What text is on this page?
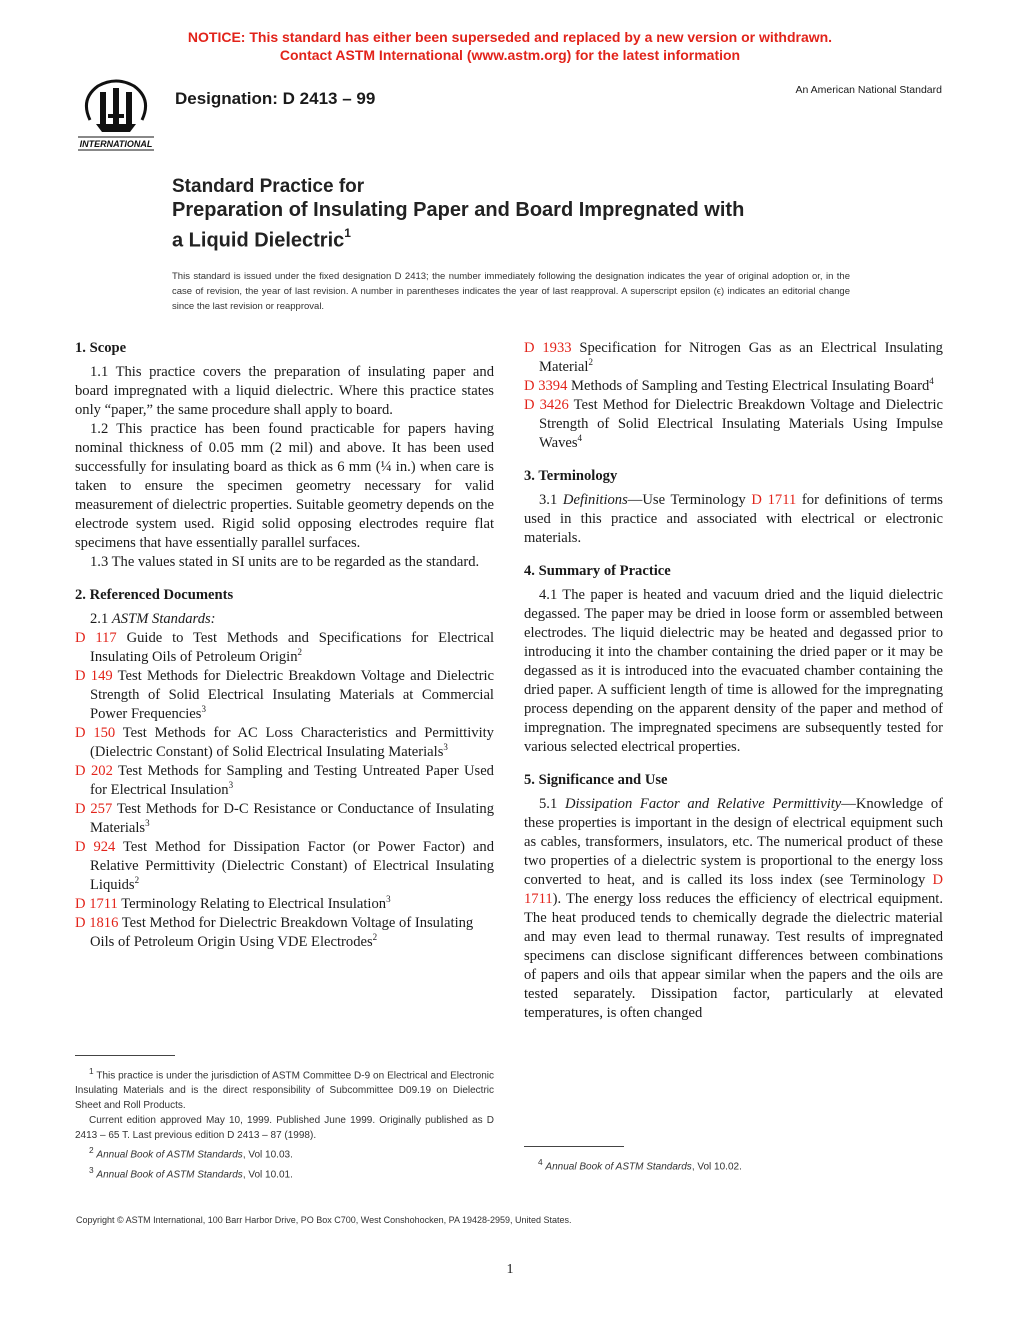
NOTICE: This standard has either been superseded and replaced by a new version or withdrawn.
Contact ASTM International (www.astm.org) for the latest information
INTERNATIONAL
Designation: D 2413 – 99	An American National Standard
Standard Practice for
Preparation of Insulating Paper and Board Impregnated with
a Liquid Dielectric$^1$
This standard is issued under the fixed designation D 2413; the number immediately following the designation indicates the year of original adoption or, in the case of revision, the year of last revision. A number in parentheses indicates the year of last reapproval. A superscript epsilon (ϵ) indicates an editorial change since the last revision or reapproval.
1. Scope

1.1 This practice covers the preparation of insulating paper and board impregnated with a liquid dielectric. Where this practice states only “paper,” the same procedure shall apply to board.

1.2 This practice has been found practicable for papers having nominal thickness of 0.05 mm (2 mil) and above. It has been used successfully for insulating board as thick as 6 mm (¼ in.) when care is taken to ensure the specimen geometry necessary for valid measurement of dielectric properties. Suitable geometry depends on the electrode system used. Rigid solid opposing electrodes require flat specimens that have essentially parallel surfaces.

1.3 The values stated in SI units are to be regarded as the standard.

2. Referenced Documents

2.1 ASTM Standards:

D 117 Guide to Test Methods and Specifications for Electrical Insulating Oils of Petroleum Origin$^2$

D 149 Test Methods for Dielectric Breakdown Voltage and Dielectric Strength of Solid Electrical Insulating Materials at Commercial Power Frequencies$^3$

D 150 Test Methods for AC Loss Characteristics and Permittivity (Dielectric Constant) of Solid Electrical Insulating Materials$^3$

D 202 Test Methods for Sampling and Testing Untreated Paper Used for Electrical Insulation$^3$

D 257 Test Methods for D-C Resistance or Conductance of Insulating Materials$^3$

D 924 Test Method for Dissipation Factor (or Power Factor) and Relative Permittivity (Dielectric Constant) of Electrical Insulating Liquids$^2$

D 1711 Terminology Relating to Electrical Insulation$^3$

D 1816 Test Method for Dielectric Breakdown Voltage of Insulating Oils of Petroleum Origin Using VDE Electrodes$^2$

D 1933 Specification for Nitrogen Gas as an Electrical Insulating Material$^2$

D 3394 Methods of Sampling and Testing Electrical Insulating Board$^4$

D 3426 Test Method for Dielectric Breakdown Voltage and Dielectric Strength of Solid Electrical Insulating Materials Using Impulse Waves$^4$

3. Terminology

3.1 Definitions—Use Terminology D 1711 for definitions of terms used in this practice and associated with electrical or electronic materials.

4. Summary of Practice

4.1 The paper is heated and vacuum dried and the liquid dielectric degassed. The paper may be dried in loose form or assembled between electrodes. The liquid dielectric may be heated and degassed prior to introducing it into the chamber containing the dried paper or it may be degassed as it is introduced into the evacuated chamber containing the dried paper. A sufficient length of time is allowed for the impregnating process depending on the apparent density of the paper and method of impregnation. The impregnated specimens are subsequently tested for various selected electrical properties.

5. Significance and Use

5.1 Dissipation Factor and Relative Permittivity—Knowledge of these properties is important in the design of electrical equipment such as cables, transformers, insulators, etc. The numerical product of these two properties of a dielectric system is proportional to the energy loss converted to heat, and is called its loss index (see Terminology D 1711). The energy loss reduces the efficiency of electrical equipment. The heat produced tends to chemically degrade the dielectric material and may even lead to thermal runaway. Test results of impregnated specimens can disclose significant differences between combinations of papers and oils that appear similar when the papers and the oils are tested separately. Dissipation factor, particularly at elevated temperatures, is often changed

$^1$ This practice is under the jurisdiction of ASTM Committee D-9 on Electrical and Electronic Insulating Materials and is the direct responsibility of Subcommittee D09.19 on Dielectric Sheet and Roll Products.

Current edition approved May 10, 1999. Published June 1999. Originally published as D 2413 – 65 T. Last previous edition D 2413 – 87 (1998).

$^2$ Annual Book of ASTM Standards, Vol 10.03.

$^3$ Annual Book of ASTM Standards, Vol 10.01.

$^4$ Annual Book of ASTM Standards, Vol 10.02.

Copyright © ASTM International, 100 Barr Harbor Drive, PO Box C700, West Conshohocken, PA 19428-2959, United States.
1
